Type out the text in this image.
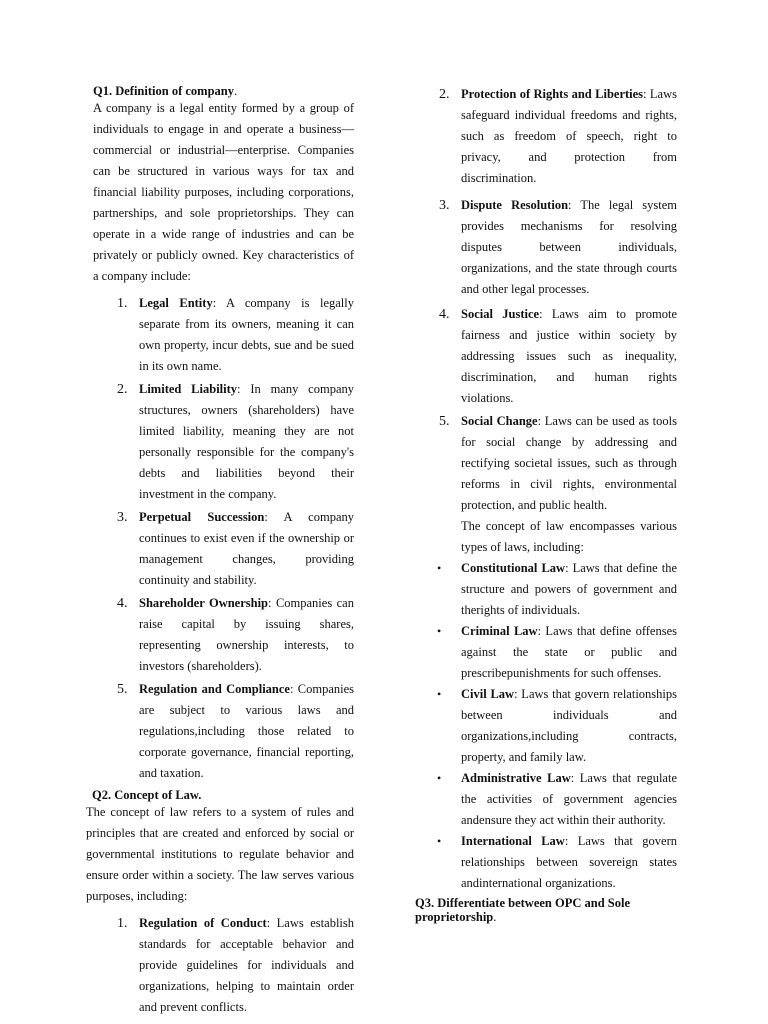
Q1. Definition of company.

A company is a legal entity formed by a group of individuals to engage in and operate a business—commercial or industrial—enterprise. Companies can be structured in various ways for tax and financial liability purposes, including corporations, partnerships, and sole proprietorships. They can operate in a wide range of industries and can be privately or publicly owned. Key characteristics of a company include:

1. Legal Entity: A company is legally separate from its owners, meaning it can own property, incur debts, sue and be sued in its own name.
2. Limited Liability: In many company structures, owners (shareholders) have limited liability, meaning they are not personally responsible for the company's debts and liabilities beyond their investment in the company.
3. Perpetual Succession: A company continues to exist even if the ownership or management changes, providing continuity and stability.
4. Shareholder Ownership: Companies can raise capital by issuing shares, representing ownership interests, to investors (shareholders).
5. Regulation and Compliance: Companies are subject to various laws and regulations,including those related to corporate governance, financial reporting, and taxation.

Q2. Concept of Law.

The concept of law refers to a system of rules and principles that are created and enforced by social or governmental institutions to regulate behavior and ensure order within a society. The law serves various purposes, including:

1. Regulation of Conduct: Laws establish standards for acceptable behavior and provide guidelines for individuals and organizations, helping to maintain order and prevent conflicts.
2. Protection of Rights and Liberties: Laws safeguard individual freedoms and rights, such as freedom of speech, right to privacy, and protection from discrimination.
3. Dispute Resolution: The legal system provides mechanisms for resolving disputes between individuals, organizations, and the state through courts and other legal processes.
4. Social Justice: Laws aim to promote fairness and justice within society by addressing issues such as inequality, discrimination, and human rights violations.
5. Social Change: Laws can be used as tools for social change by addressing and rectifying societal issues, such as through reforms in civil rights, environmental protection, and public health.

The concept of law encompasses various types of laws, including:

• Constitutional Law: Laws that define the structure and powers of government and therights of individuals.
• Criminal Law: Laws that define offenses against the state or public and prescribepunishments for such offenses.
• Civil Law: Laws that govern relationships between individuals and organizations,including contracts, property, and family law.
• Administrative Law: Laws that regulate the activities of government agencies andensure they act within their authority.
• International Law: Laws that govern relationships between sovereign states andinternational organizations.

Q3. Differentiate between OPC and Sole proprietorship.
